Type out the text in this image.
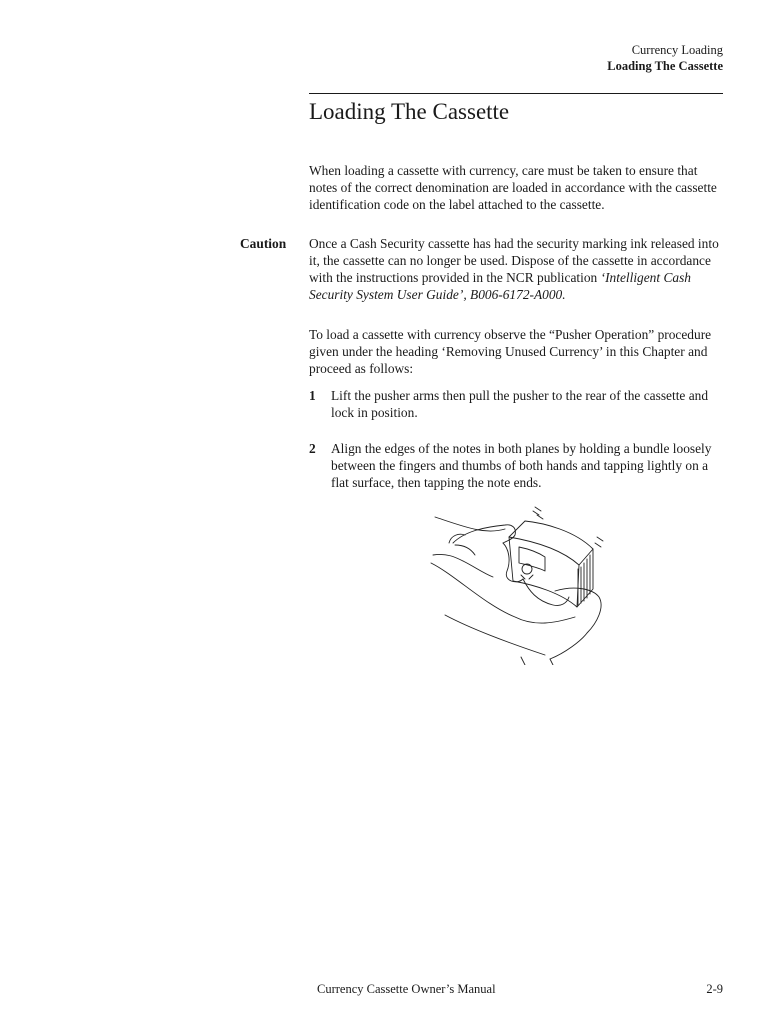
Currency Loading
Loading The Cassette
Loading The Cassette

When loading a cassette with currency, care must be taken to ensure that notes of the correct denomination are loaded in accordance with the cassette identification code on the label attached to the cassette.

Caution Once a Cash Security cassette has had the security marking ink released into it, the cassette can no longer be used. Dispose of the cassette in accordance with the instructions provided in the NCR publication ‘Intelligent Cash Security System User Guide’, B006-6172-A000.

To load a cassette with currency observe the “Pusher Operation” procedure given under the heading ‘Removing Unused Currency’ in this Chapter and proceed as follows:

1 Lift the pusher arms then pull the pusher to the rear of the cassette and lock in position.
2 Align the edges of the notes in both planes by holding a bundle loosely between the fingers and thumbs of both hands and tapping lightly on a flat surface, then tapping the note ends.
Currency Cassette Owner’s Manual	2-9
